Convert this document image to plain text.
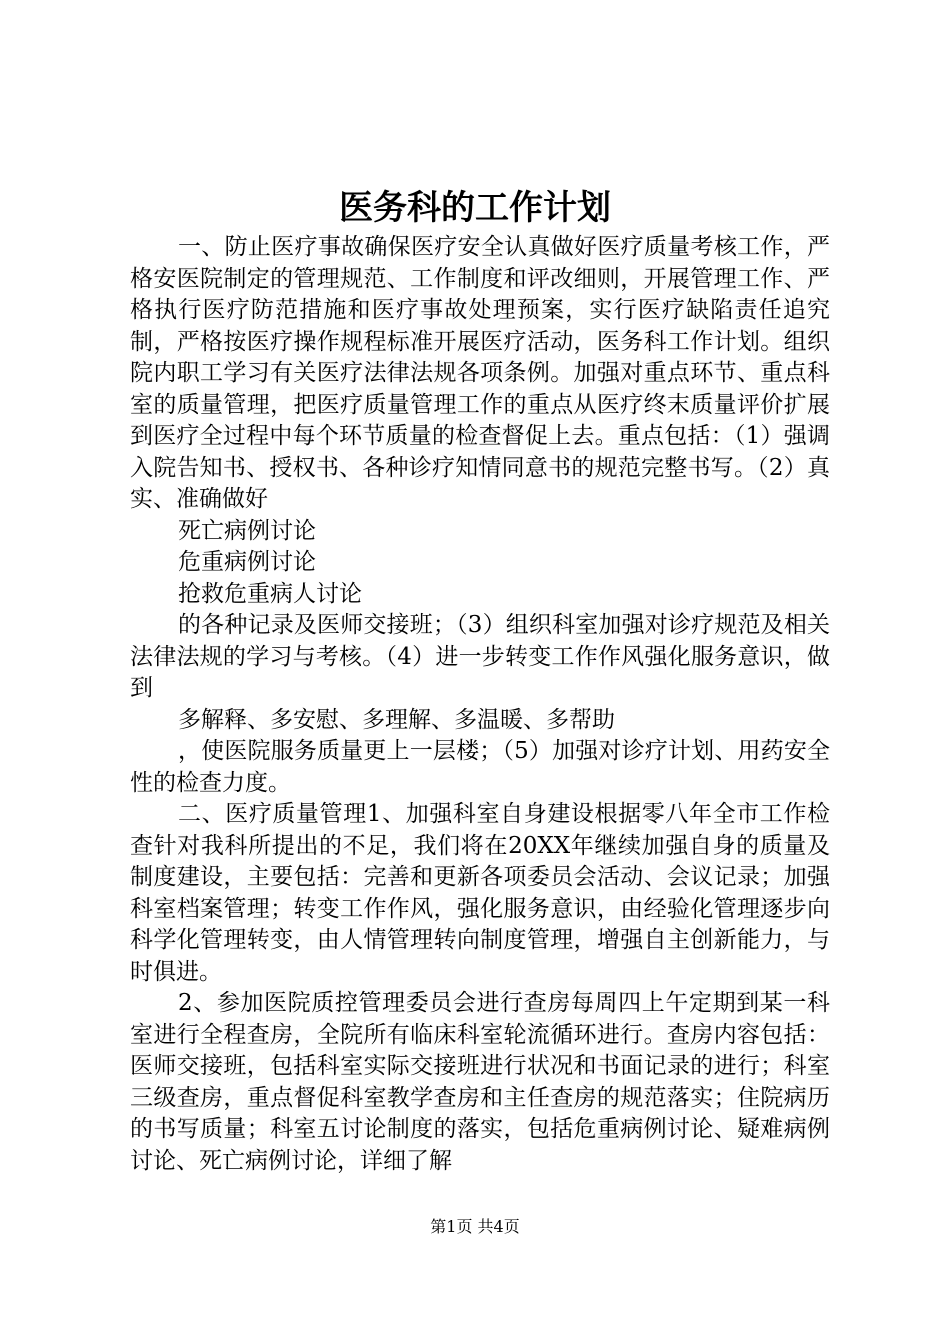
医务科的工作计划

一、防止医疗事故确保医疗安全认真做好医疗质量考核工作，严格安医院制定的管理规范、工作制度和评改细则，开展管理工作、严格执行医疗防范措施和医疗事故处理预案，实行医疗缺陷责任追究制，严格按医疗操作规程标准开展医疗活动，医务科工作计划。组织院内职工学习有关医疗法律法规各项条例。加强对重点环节、重点科室的质量管理，把医疗质量管理工作的重点从医疗终末质量评价扩展到医疗全过程中每个环节质量的检查督促上去。重点包括：（1）强调入院告知书、授权书、各种诊疗知情同意书的规范完整书写。（2）真实、准确做好

死亡病例讨论

危重病例讨论

抢救危重病人讨论

的各种记录及医师交接班；（3）组织科室加强对诊疗规范及相关法律法规的学习与考核。（4）进一步转变工作作风强化服务意识，做到

多解释、多安慰、多理解、多温暖、多帮助

，使医院服务质量更上一层楼；（5）加强对诊疗计划、用药安全性的检查力度。

二、医疗质量管理1、加强科室自身建设根据零八年全市工作检查针对我科所提出的不足，我们将在20XX年继续加强自身的质量及制度建设，主要包括：完善和更新各项委员会活动、会议记录；加强科室档案管理；转变工作作风，强化服务意识，由经验化管理逐步向科学化管理转变，由人情管理转向制度管理，增强自主创新能力，与时俱进。

2、参加医院质控管理委员会进行查房每周四上午定期到某一科室进行全程查房，全院所有临床科室轮流循环进行。查房内容包括：医师交接班，包括科室实际交接班进行状况和书面记录的进行；科室三级查房，重点督促科室教学查房和主任查房的规范落实；住院病历的书写质量；科室五讨论制度的落实，包括危重病例讨论、疑难病例讨论、死亡病例讨论，详细了解

第1页 共4页
